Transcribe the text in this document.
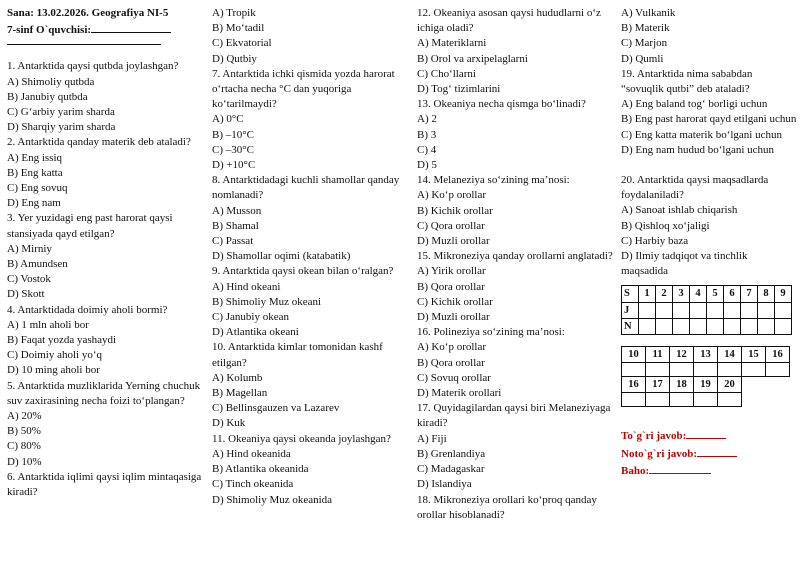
Sana: 13.02.2026. Geografiya NI-5
7-sinf O`quvchisi:
1. Antarktida qaysi qutbda joylashgan?
A) Shimoliy qutbda
B) Janubiy qutbda
C) G‘arbiy yarim sharda
D) Sharqiy yarim sharda
2. Antarktida qanday materik deb ataladi?
A) Eng issiq
B) Eng katta
C) Eng sovuq
D) Eng nam
3. Yer yuzidagi eng past harorat qaysi stansiyada qayd etilgan?
A) Mirniy
B) Amundsen
C) Vostok
D) Skott
4. Antarktidada doimiy aholi bormi?
A) 1 mln aholi bor
B) Faqat yozda yashaydi
C) Doimiy aholi yo‘q
D) 10 ming aholi bor
5. Antarktida muzliklarida Yerning chuchuk suv zaxirasining necha foizi to‘plangan?
A) 20%
B) 50%
C) 80%
D) 10%
6. Antarktida iqlimi qaysi iqlim mintaqasiga kiradi?
A) Tropik
B) Mo‘tadil
C) Ekvatorial
D) Qutbiy
7. Antarktida ichki qismida yozda harorat o‘rtacha necha °C dan yuqoriga ko‘tarilmaydi?
A) 0°C
B) –10°C
C) –30°C
D) +10°C
8. Antarktidadagi kuchli shamollar qanday nomlanadi?
A) Musson
B) Shamal
C) Passat
D) Shamollar oqimi (katabatik)
9. Antarktida qaysi okean bilan o‘ralgan?
A) Hind okeani
B) Shimoliy Muz okeani
C) Janubiy okean
D) Atlantika okeani
10. Antarktida kimlar tomonidan kashf etilgan?
A) Kolumb
B) Magellan
C) Bellinsgauzen va Lazarev
D) Kuk
11. Okeaniya qaysi okeanda joylashgan?
A) Hind okeanida
B) Atlantika okeanida
C) Tinch okeanida
D) Shimoliy Muz okeanida
12. Okeaniya asosan qaysi hududlarni o‘z ichiga oladi?
A) Materiklarni
B) Orol va arxipelaglarni
C) Cho‘llarni
D) Tog‘ tizimlarini
13. Okeaniya necha qismga bo‘linadi?
A) 2
B) 3
C) 4
D) 5
14. Melaneziya so‘zining ma’nosi:
A) Ko‘p orollar
B) Kichik orollar
C) Qora orollar
D) Muzli orollar
15. Mikroneziya qanday orollarni anglatadi?
A) Yirik orollar
B) Qora orollar
C) Kichik orollar
D) Muzli orollar
16. Polineziya so‘zining ma’nosi:
A) Ko‘p orollar
B) Qora orollar
C) Sovuq orollar
D) Materik orollari
17. Quyidagilardan qaysi biri Melaneziyaga kiradi?
A) Fiji
B) Grenlandiya
C) Madagaskar
D) Islandiya
18. Mikroneziya orollari ko‘proq qanday orollar hisoblanadi?
A) Vulkanik
B) Materik
C) Marjon
D) Qumli
19. Antarktida nima sababdan “sovuqlik qutbi” deb ataladi?
A) Eng baland tog‘ borligi uchun
B) Eng past harorat qayd etilgani uchun
C) Eng katta materik bo‘lgani uchun
D) Eng nam hudud bo‘lgani uchun
20. Antarktida qaysi maqsadlarda foydalaniladi?
A) Sanoat ishlab chiqarish
B) Qishloq xo‘jaligi
C) Harbiy baza
D) Ilmiy tadqiqot va tinchlik maqsadida
S	1	2	3	4	5	6	7	8	9
J									
N									
10	11	12	13	14	15	16

16	17	18	19	20		

To`g`ri javob:
Noto`g`ri javob:
Baho:
